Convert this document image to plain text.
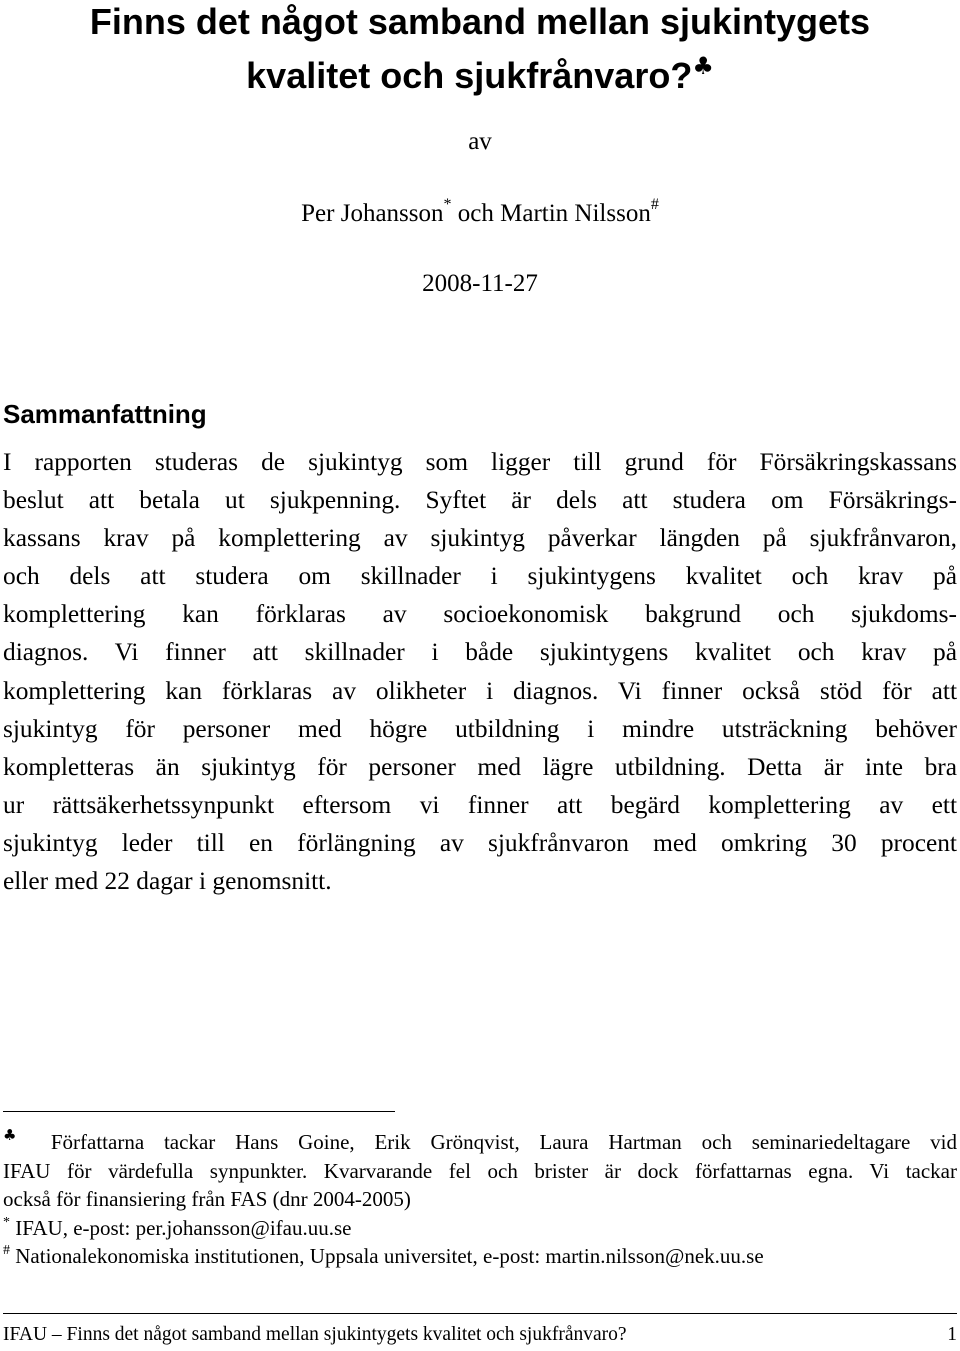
Finns det något samband mellan sjukintygets
kvalitet och sjukfrånvaro?♣
av
Per Johansson* och Martin Nilsson#
2008-11-27
Sammanfattning
I rapporten studeras de sjukintyg som ligger till grund för Försäkringskassans
beslut att betala ut sjukpenning. Syftet är dels att studera om Försäkrings-
kassans krav på komplettering av sjukintyg påverkar längden på sjukfrånvaron,
och dels att studera om skillnader i sjukintygens kvalitet och krav på
komplettering kan förklaras av socioekonomisk bakgrund och sjukdoms-
diagnos. Vi finner att skillnader i både sjukintygens kvalitet och krav på
komplettering kan förklaras av olikheter i diagnos. Vi finner också stöd för att
sjukintyg för personer med högre utbildning i mindre utsträckning behöver
kompletteras än sjukintyg för personer med lägre utbildning. Detta är inte bra
ur rättsäkerhetssynpunkt eftersom vi finner att begärd komplettering av ett
sjukintyg leder till en förlängning av sjukfrånvaron med omkring 30 procent
eller med 22 dagar i genomsnitt.
♣ Författarna tackar Hans Goine, Erik Grönqvist, Laura Hartman och seminariedeltagare vid
IFAU för värdefulla synpunkter. Kvarvarande fel och brister är dock författarnas egna. Vi tackar
också för finansiering från FAS (dnr 2004-2005)
* IFAU, e-post: per.johansson@ifau.uu.se
# Nationalekonomiska institutionen, Uppsala universitet, e-post: martin.nilsson@nek.uu.se
IFAU – Finns det något samband mellan sjukintygets kvalitet och sjukfrånvaro?	1
